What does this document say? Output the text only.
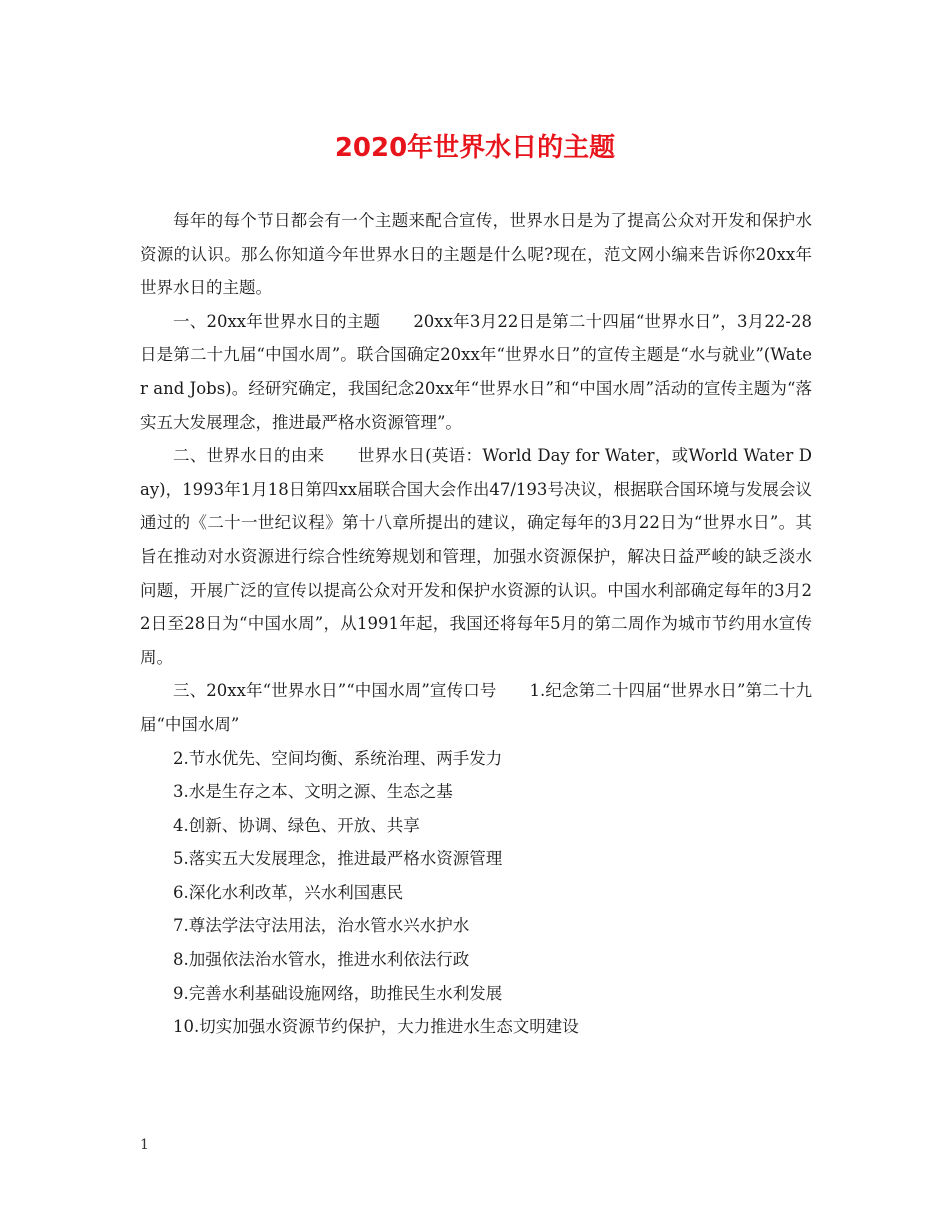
2020年世界水日的主题

每年的每个节日都会有一个主题来配合宣传，世界水日是为了提高公众对开发和保护水资源的认识。那么你知道今年世界水日的主题是什么呢?现在，范文网小编来告诉你20xx年世界水日的主题。

一、20xx年世界水日的主题 20xx年3月22日是第二十四届“世界水日”，3月22-28日是第二十九届“中国水周”。联合国确定20xx年“世界水日”的宣传主题是“水与就业”(Water and Jobs)。经研究确定，我国纪念20xx年“世界水日”和“中国水周”活动的宣传主题为“落实五大发展理念，推进最严格水资源管理”。

二、世界水日的由来 世界水日(英语：World Day for Water，或World Water Day)，1993年1月18日第四xx届联合国大会作出47/193号决议，根据联合国环境与发展会议通过的《二十一世纪议程》第十八章所提出的建议，确定每年的3月22日为“世界水日”。其旨在推动对水资源进行综合性统筹规划和管理，加强水资源保护，解决日益严峻的缺乏淡水问题，开展广泛的宣传以提高公众对开发和保护水资源的认识。中国水利部确定每年的3月22日至28日为“中国水周”，从1991年起，我国还将每年5月的第二周作为城市节约用水宣传周。

三、20xx年“世界水日”“中国水周”宣传口号 1.纪念第二十四届“世界水日”第二十九届“中国水周”

2.节水优先、空间均衡、系统治理、两手发力

3.水是生存之本、文明之源、生态之基

4.创新、协调、绿色、开放、共享

5.落实五大发展理念，推进最严格水资源管理

6.深化水利改革，兴水利国惠民

7.尊法学法守法用法，治水管水兴水护水

8.加强依法治水管水，推进水利依法行政

9.完善水利基础设施网络，助推民生水利发展

10.切实加强水资源节约保护，大力推进水生态文明建设

1
